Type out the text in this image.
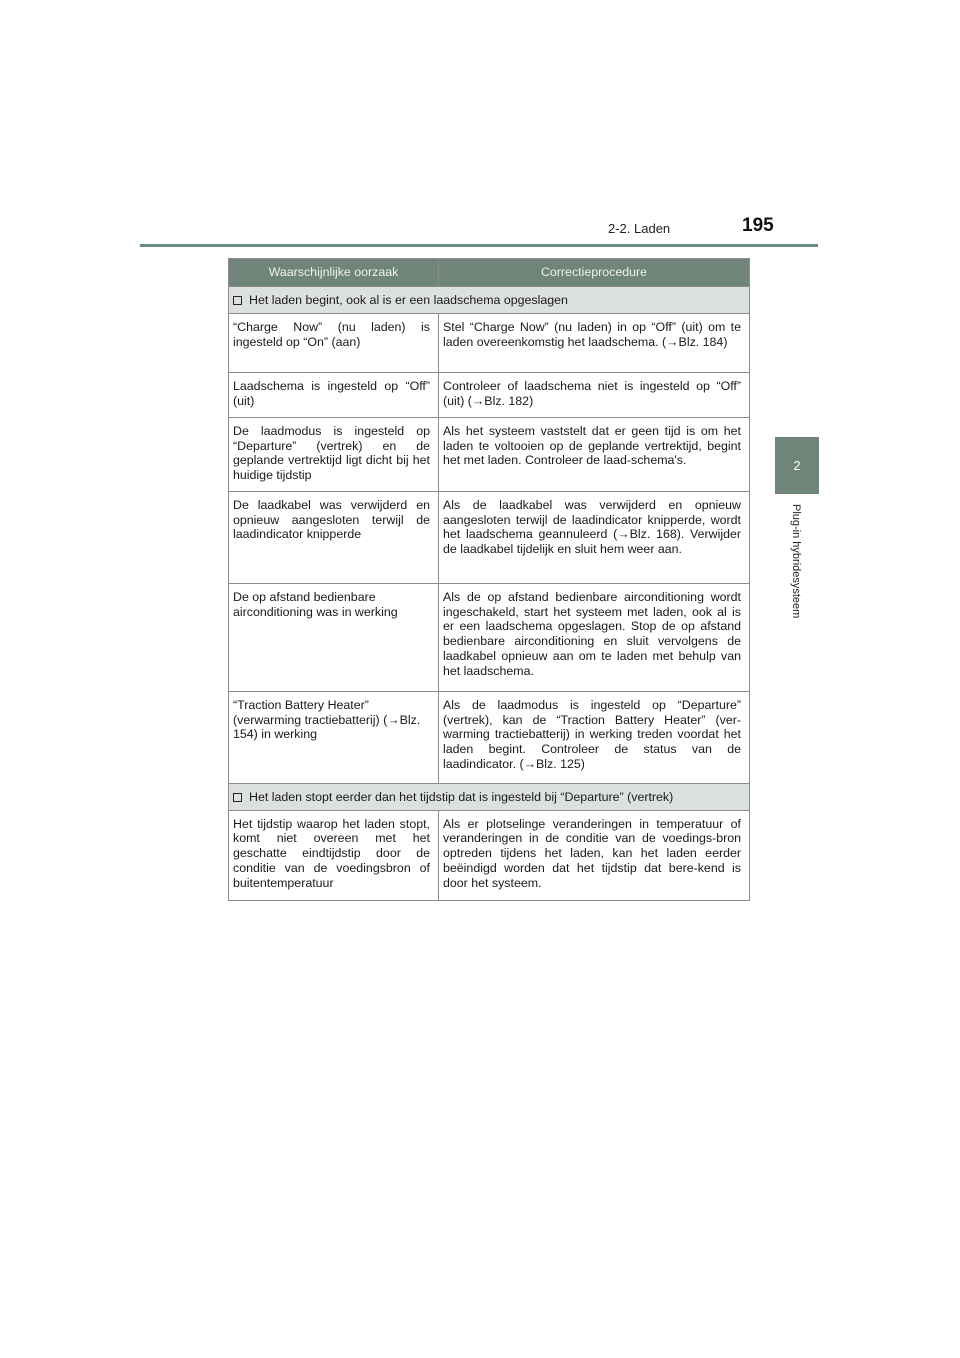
2-2. Laden	195
2
Plug-in hybridesysteem
Waarschijnlijke oorzaak	Correctieprocedure
Het laden begint, ook al is er een laadschema opgeslagen	
“Charge Now” (nu laden) is ingesteld op “On” (aan)	Stel “Charge Now” (nu laden) in op “Off” (uit) om te laden overeenkomstig het laadschema. (→Blz. 184)
Laadschema is ingesteld op “Off” (uit)	Controleer of laadschema niet is ingesteld op “Off” (uit) (→Blz. 182)
De laadmodus is ingesteld op “Departure” (vertrek) en de geplande vertrektijd ligt dicht bij het huidige tijdstip	Als het systeem vaststelt dat er geen tijd is om het laden te voltooien op de geplande vertrektijd, begint het met laden. Controleer de laad-schema's.
De laadkabel was verwijderd en opnieuw aangesloten terwijl de laadindicator knipperde	Als de laadkabel was verwijderd en opnieuw aangesloten terwijl de laadindicator knipperde, wordt het laadschema geannuleerd (→Blz. 168). Verwijder de laadkabel tijdelijk en sluit hem weer aan.
De op afstand bedienbare airconditioning was in werking	Als de op afstand bedienbare airconditioning wordt ingeschakeld, start het systeem met laden, ook al is er een laadschema opgeslagen. Stop de op afstand bedienbare airconditioning en sluit vervolgens de laadkabel opnieuw aan om te laden met behulp van het laadschema.
“Traction Battery Heater” (verwarming tractiebatterij) (→Blz. 154) in werking	Als de laadmodus is ingesteld op “Departure” (vertrek), kan de “Traction Battery Heater” (ver-warming tractiebatterij) in werking treden voordat het laden begint. Controleer de status van de laadindicator. (→Blz. 125)
Het laden stopt eerder dan het tijdstip dat is ingesteld bij “Departure” (vertrek)	
Het tijdstip waarop het laden stopt, komt niet overeen met het geschatte eindtijdstip door de conditie van de voedingsbron of buitentemperatuur	Als er plotselinge veranderingen in temperatuur of veranderingen in de conditie van de voedings-bron optreden tijdens het laden, kan het laden eerder beëindigd worden dat het tijdstip dat bere-kend is door het systeem.
